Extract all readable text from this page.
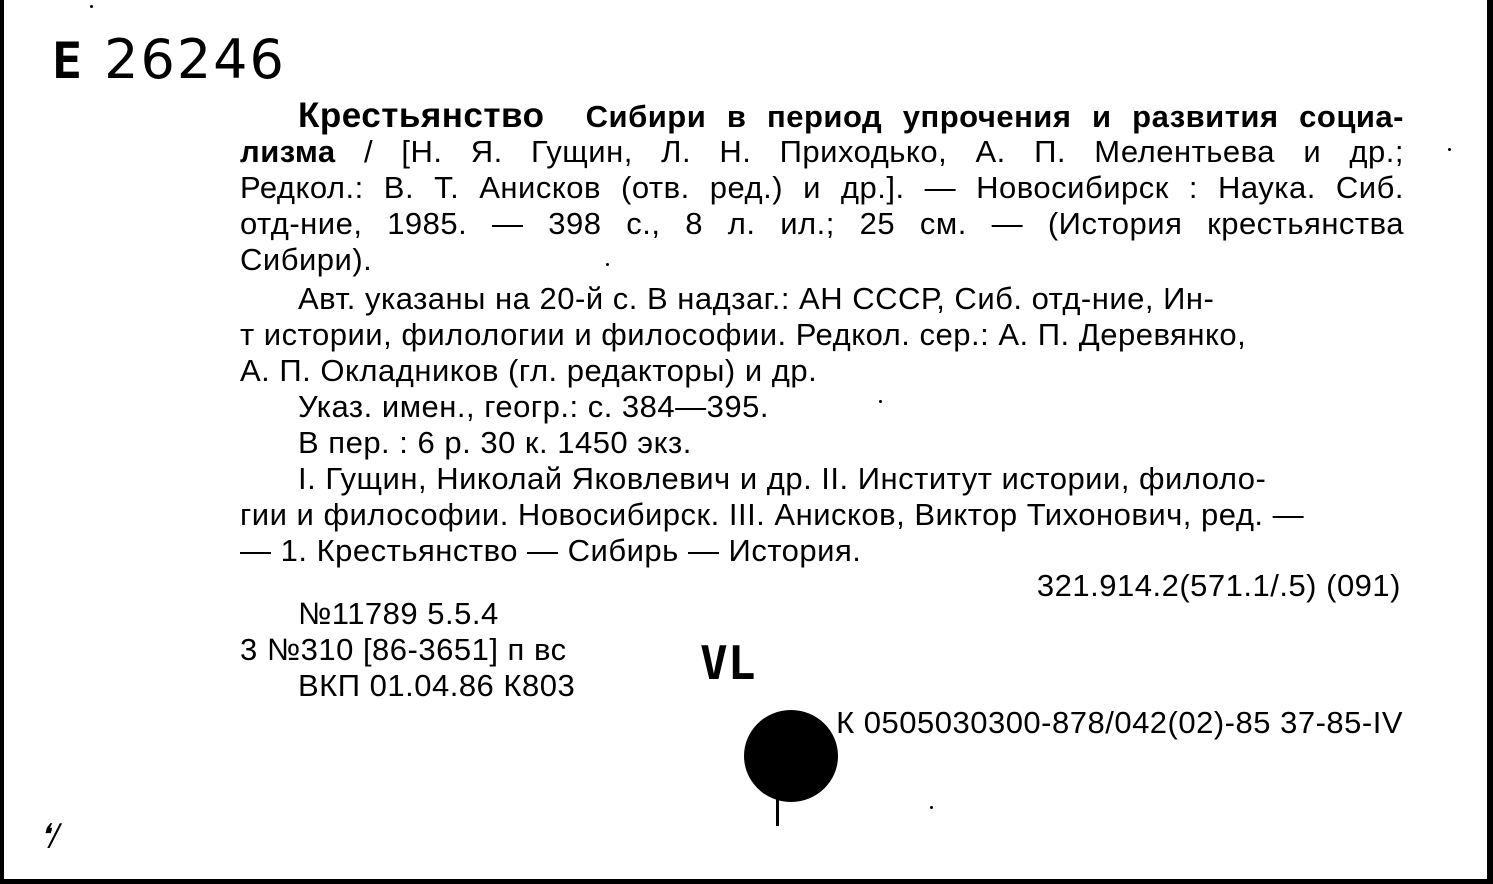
Е 26246
Крестьянство Сибири в период упрочения и развития социа-
лизма / [Н. Я. Гущин, Л. Н. Приходько, А. П. Мелентьева и др.;
Редкол.: В. Т. Анисков (отв. ред.) и др.]. — Новосибирск : Наука. Сиб.
отд-ние, 1985. — 398 с., 8 л. ил.; 25 см. — (История крестьянства
Сибири).
Авт. указаны на 20-й с. В надзаг.: АН СССР, Сиб. отд-ние, Ин-
т истории, филологии и философии. Редкол. сер.: А. П. Деревянко,
А. П. Окладников (гл. редакторы) и др.
Указ. имен., геогр.: с. 384—395.
В пер. : 6 р. 30 к. 1450 экз.
I. Гущин, Николай Яковлевич и др. II. Институт истории, филоло-
гии и философии. Новосибирск. III. Анисков, Виктор Тихонович, ред. —
— 1. Крестьянство — Сибирь — История.
321.914.2(571.1/.5) (091)
№11789 5.5.4
3 №310 [86-3651] п вс
ВКП 01.04.86 К803	VL
К 0505030300-878/042(02)-85 37-85-IV
❛/
